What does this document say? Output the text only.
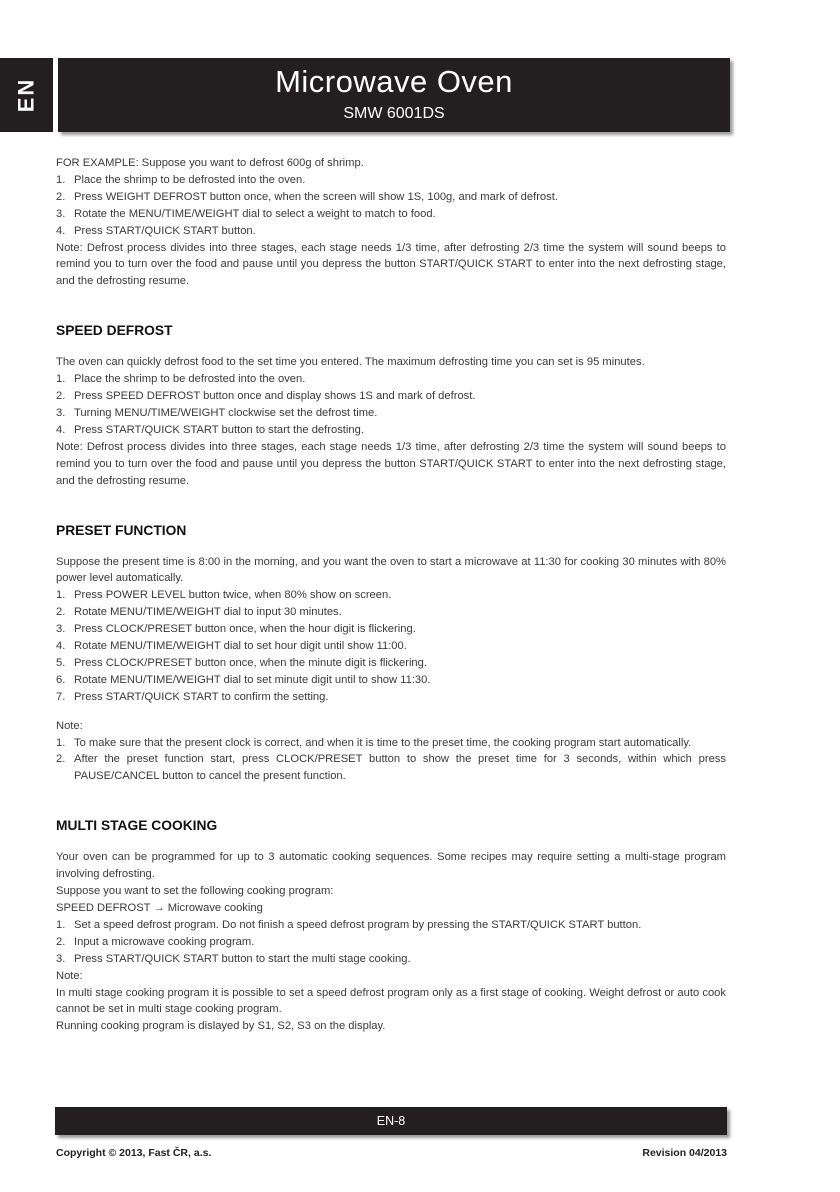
EN	Microwave Oven
SMW 6001DS

FOR EXAMPLE: Suppose you want to defrost 600g of shrimp.

1. Place the shrimp to be defrosted into the oven.
2. Press WEIGHT DEFROST button once, when the screen will show 1S, 100g, and mark of defrost.
3. Rotate the MENU/TIME/WEIGHT dial to select a weight to match to food.
4. Press START/QUICK START button.

Note: Defrost process divides into three stages, each stage needs 1/3 time, after defrosting 2/3 time the system will sound beeps to remind you to turn over the food and pause until you depress the button START/QUICK START to enter into the next defrosting stage, and the defrosting resume.

SPEED DEFROST

The oven can quickly defrost food to the set time you entered. The maximum defrosting time you can set is 95 minutes.

1. Place the shrimp to be defrosted into the oven.
2. Press SPEED DEFROST button once and display shows 1S and mark of defrost.
3. Turning MENU/TIME/WEIGHT clockwise set the defrost time.
4. Press START/QUICK START button to start the defrosting.

Note: Defrost process divides into three stages, each stage needs 1/3 time, after defrosting 2/3 time the system will sound beeps to remind you to turn over the food and pause until you depress the button START/QUICK START to enter into the next defrosting stage, and the defrosting resume.

PRESET FUNCTION

Suppose the present time is 8:00 in the morning, and you want the oven to start a microwave at 11:30 for cooking 30 minutes with 80% power level automatically.

1. Press POWER LEVEL button twice, when 80% show on screen.
2. Rotate MENU/TIME/WEIGHT dial to input 30 minutes.
3. Press CLOCK/PRESET button once, when the hour digit is flickering.
4. Rotate MENU/TIME/WEIGHT dial to set hour digit until show 11:00.
5. Press CLOCK/PRESET button once, when the minute digit is flickering.
6. Rotate MENU/TIME/WEIGHT dial to set minute digit until to show 11:30.
7. Press START/QUICK START to confirm the setting.

Note:

1. To make sure that the present clock is correct, and when it is time to the preset time, the cooking program start automatically.
2. After the preset function start, press CLOCK/PRESET button to show the preset time for 3 seconds, within which press PAUSE/CANCEL button to cancel the present function.
MULTI STAGE COOKING

Your oven can be programmed for up to 3 automatic cooking sequences. Some recipes may require setting a multi-stage program involving defrosting.

Suppose you want to set the following cooking program:

SPEED DEFROST → Microwave cooking

1. Set a speed defrost program. Do not finish a speed defrost program by pressing the START/QUICK START button.
2. Input a microwave cooking program.
3. Press START/QUICK START button to start the multi stage cooking.

Note:

In multi stage cooking program it is possible to set a speed defrost program only as a first stage of cooking. Weight defrost or auto cook cannot be set in multi stage cooking program.

Running cooking program is dislayed by S1, S2, S3 on the display.

EN-8
Copyright © 2013, Fast ČR, a.s.	Revision 04/2013
